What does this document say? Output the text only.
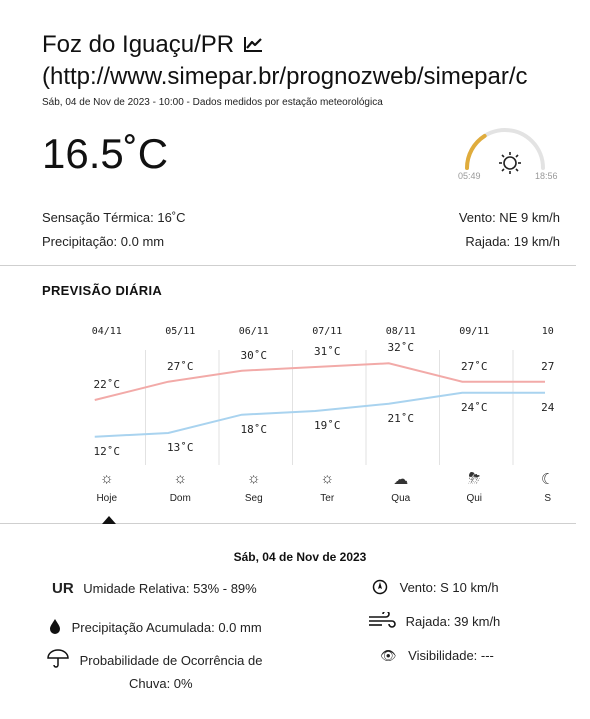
Foz do Iguaçu/PR
(http://www.simepar.br/prognozweb/simepar/c
Sáb, 04 de Nov de 2023 - 10:00 - Dados medidos por estação meteorológica
16.5˚C	05:49	18:56
Sensação Térmica: 16˚C
Precipitação: 0.0 mm
Vento: NE 9 km/h
Rajada: 19 km/h
PREVISÃO DIÁRIA
04/11
22˚C
12˚C
☼
Hoje
05/11
27˚C
13˚C
☼
Dom
06/11
30˚C
18˚C
☼
Seg
07/11
31˚C
19˚C
☼
Ter
08/11
32˚C
21˚C
☁
Qua
09/11
27˚C
24˚C
⛈
Qui
10
27
24
☾
S
Sáb, 04 de Nov de 2023
UR Umidade Relativa: 53% - 89%
Precipitação Acumulada: 0.0 mm
Probabilidade de Ocorrência de
Chuva: 0%
Vento: S 10 km/h
Rajada: 39 km/h
👁 Visibilidade: ---
